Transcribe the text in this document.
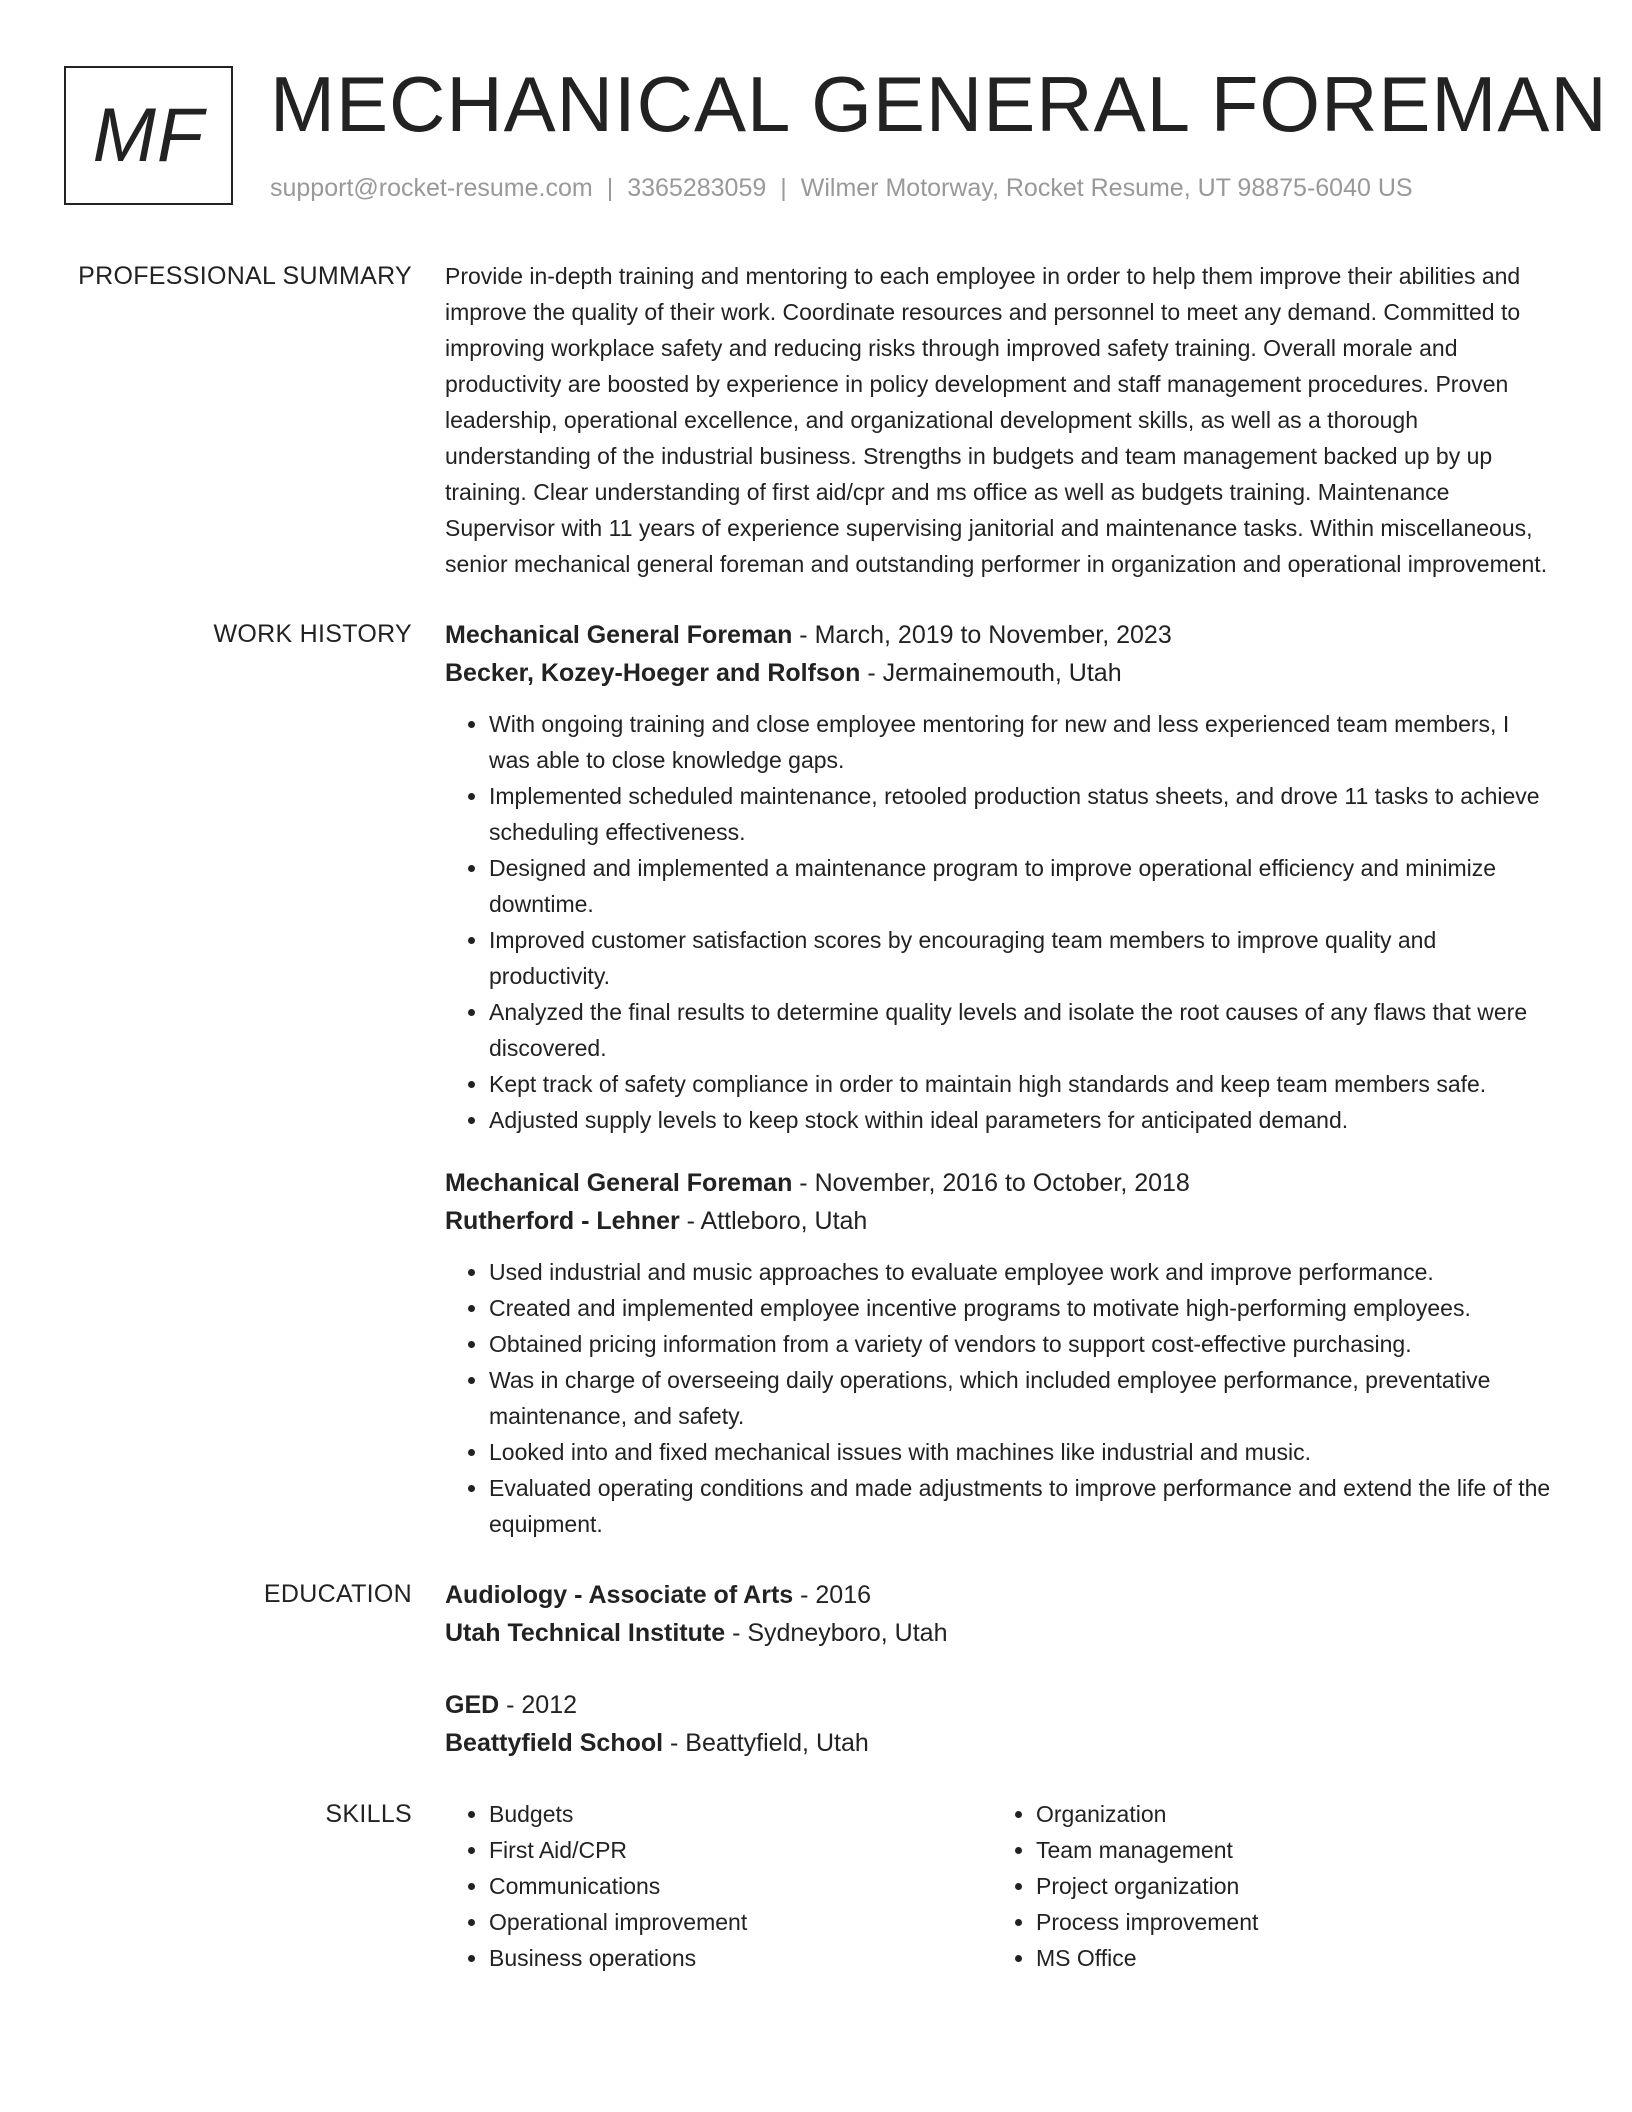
MF MECHANICAL GENERAL FOREMAN
support@rocket-resume.com | 3365283059 | Wilmer Motorway, Rocket Resume, UT 98875-6040 US
PROFESSIONAL SUMMARY Provide in-depth training and mentoring to each employee in order to help them improve their abilities and improve the quality of their work. Coordinate resources and personnel to meet any demand. Committed to improving workplace safety and reducing risks through improved safety training. Overall morale and productivity are boosted by experience in policy development and staff management procedures. Proven leadership, operational excellence, and organizational development skills, as well as a thorough understanding of the industrial business. Strengths in budgets and team management backed up by up training. Clear understanding of first aid/cpr and ms office as well as budgets training. Maintenance Supervisor with 11 years of experience supervising janitorial and maintenance tasks. Within miscellaneous, senior mechanical general foreman and outstanding performer in organization and operational improvement.

WORK HISTORY Mechanical General Foreman - March, 2019 to November, 2023
Becker, Kozey-Hoeger and Rolfson - Jermainemouth, Utah
• With ongoing training and close employee mentoring for new and less experienced team members, I was able to close knowledge gaps.
• Implemented scheduled maintenance, retooled production status sheets, and drove 11 tasks to achieve scheduling effectiveness.
• Designed and implemented a maintenance program to improve operational efficiency and minimize downtime.
• Improved customer satisfaction scores by encouraging team members to improve quality and productivity.
• Analyzed the final results to determine quality levels and isolate the root causes of any flaws that were discovered.
• Kept track of safety compliance in order to maintain high standards and keep team members safe.
• Adjusted supply levels to keep stock within ideal parameters for anticipated demand.
Mechanical General Foreman - November, 2016 to October, 2018
Rutherford - Lehner - Attleboro, Utah
• Used industrial and music approaches to evaluate employee work and improve performance.
• Created and implemented employee incentive programs to motivate high-performing employees.
• Obtained pricing information from a variety of vendors to support cost-effective purchasing.
• Was in charge of overseeing daily operations, which included employee performance, preventative maintenance, and safety.
• Looked into and fixed mechanical issues with machines like industrial and music.
• Evaluated operating conditions and made adjustments to improve performance and extend the life of the equipment.
EDUCATION Audiology - Associate of Arts - 2016
Utah Technical Institute - Sydneyboro, Utah
GED - 2012
Beattyfield School - Beattyfield, Utah
SKILLS
•	Budgets
• First Aid/CPR
• Communications
• Operational improvement
• Business operations
• Organization
• Team management
• Project organization
• Process improvement
• MS Office
